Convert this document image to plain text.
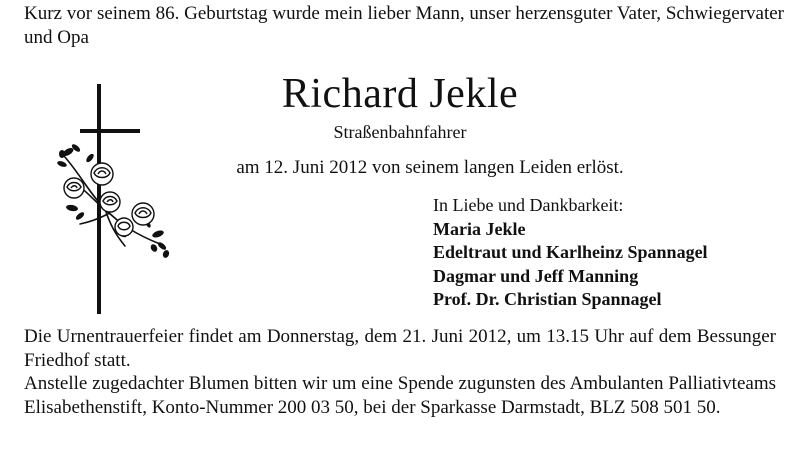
Kurz vor seinem 86. Geburtstag wurde mein lieber Mann, unser herzensguter Vater, Schwiegervater und Opa
Richard Jekle
Straßenbahnfahrer
am 12. Juni 2012 von seinem langen Leiden erlöst.
In Liebe und Dankbarkeit:
Maria Jekle
Edeltraut und Karlheinz Spannagel
Dagmar und Jeff Manning
Prof. Dr. Christian Spannagel

Die Urnentrauerfeier findet am Donnerstag, dem 21. Juni 2012, um 13.15 Uhr auf dem Bessunger Friedhof statt.

Anstelle zugedachter Blumen bitten wir um eine Spende zugunsten des Ambulanten Palliativteams Elisabethenstift, Konto-Nummer 200 03 50, bei der Sparkasse Darmstadt, BLZ 508 501 50.
